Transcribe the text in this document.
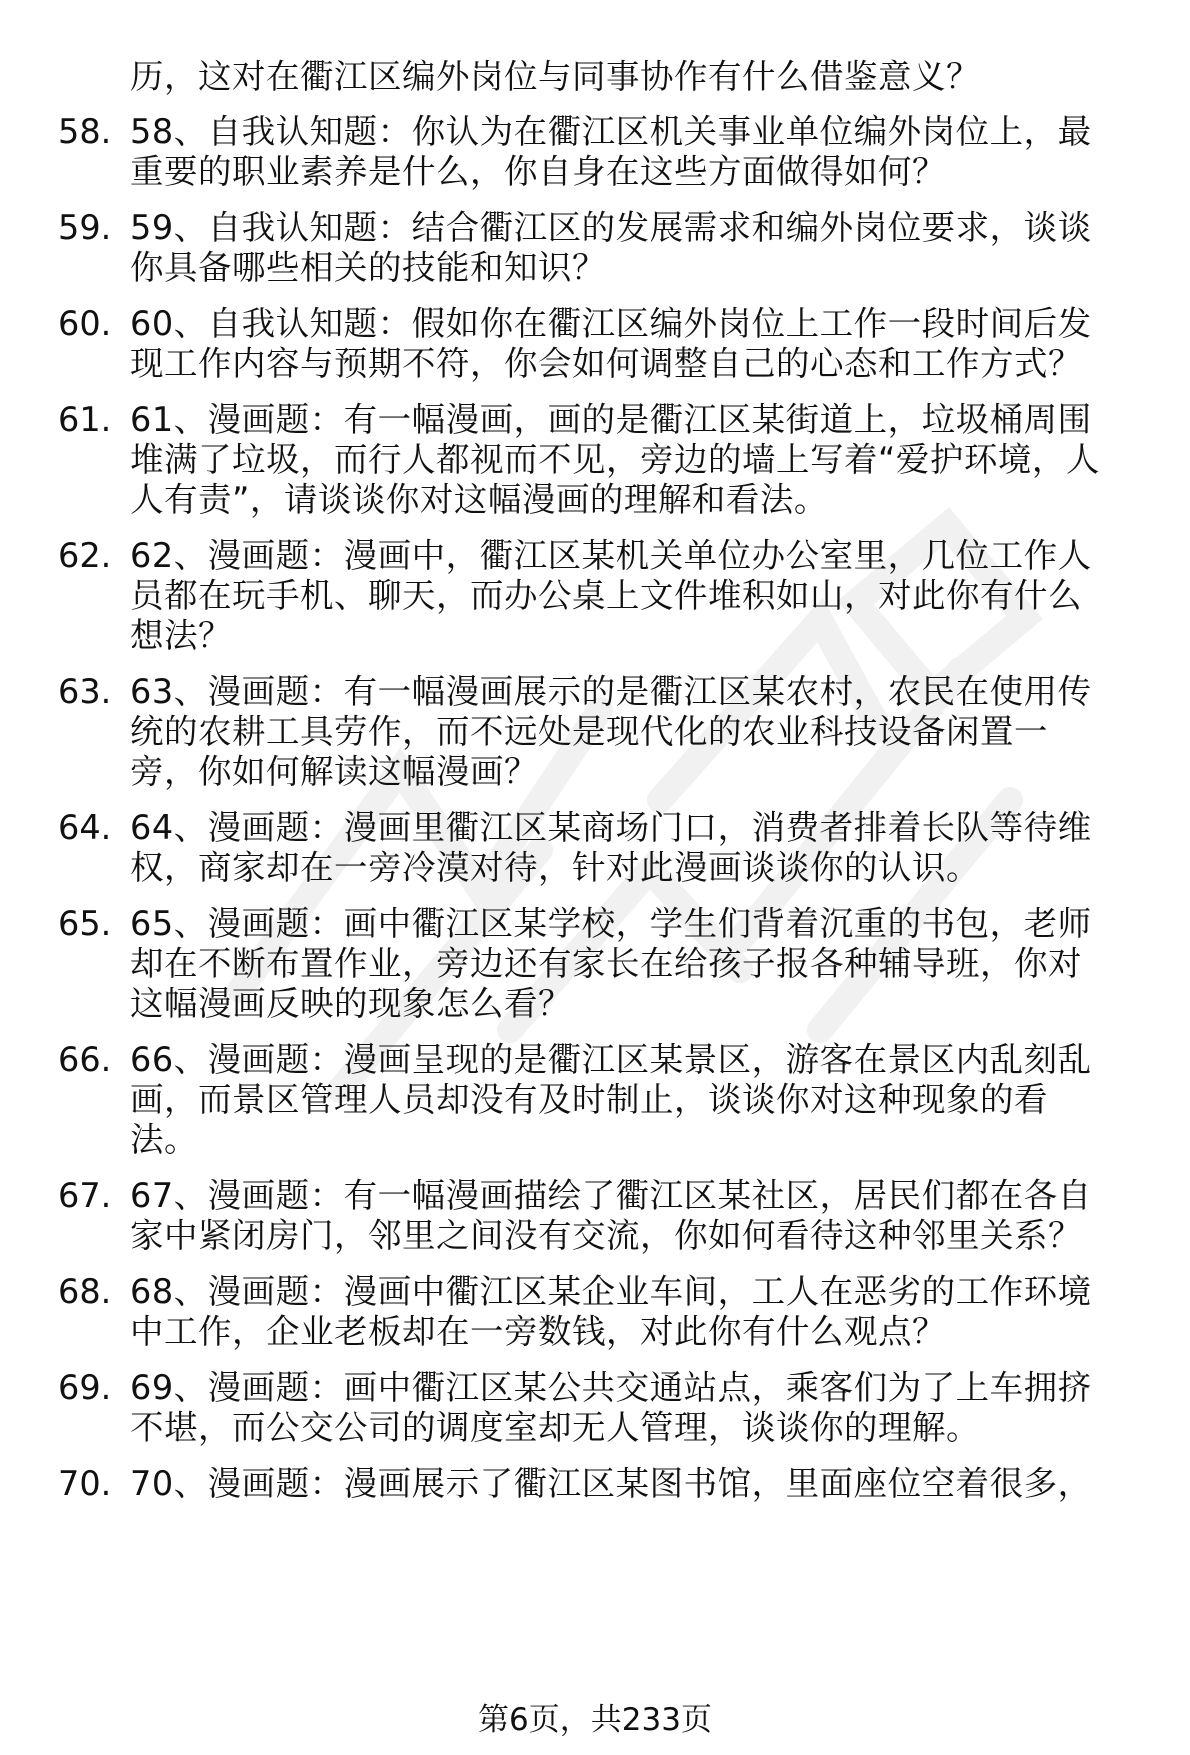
历，这对在衢江区编外岗位与同事协作有什么借鉴意义？
58. 58、自我认知题：你认为在衢江区机关事业单位编外岗位上，最
重要的职业素养是什么，你自身在这些方面做得如何？
59. 59、自我认知题：结合衢江区的发展需求和编外岗位要求，谈谈
你具备哪些相关的技能和知识？
60. 60、自我认知题：假如你在衢江区编外岗位上工作一段时间后发
现工作内容与预期不符，你会如何调整自己的心态和工作方式？
61. 61、漫画题：有一幅漫画，画的是衢江区某街道上，垃圾桶周围
堆满了垃圾，而行人都视而不见，旁边的墙上写着“爱护环境，人
人有责”，请谈谈你对这幅漫画的理解和看法。
62. 62、漫画题：漫画中，衢江区某机关单位办公室里，几位工作人
员都在玩手机、聊天，而办公桌上文件堆积如山，对此你有什么
想法？
63. 63、漫画题：有一幅漫画展示的是衢江区某农村，农民在使用传
统的农耕工具劳作，而不远处是现代化的农业科技设备闲置一
旁，你如何解读这幅漫画？
64. 64、漫画题：漫画里衢江区某商场门口，消费者排着长队等待维
权，商家却在一旁冷漠对待，针对此漫画谈谈你的认识。
65. 65、漫画题：画中衢江区某学校，学生们背着沉重的书包，老师
却在不断布置作业，旁边还有家长在给孩子报各种辅导班，你对
这幅漫画反映的现象怎么看？
66. 66、漫画题：漫画呈现的是衢江区某景区，游客在景区内乱刻乱
画，而景区管理人员却没有及时制止，谈谈你对这种现象的看
法。
67. 67、漫画题：有一幅漫画描绘了衢江区某社区，居民们都在各自
家中紧闭房门，邻里之间没有交流，你如何看待这种邻里关系？
68. 68、漫画题：漫画中衢江区某企业车间，工人在恶劣的工作环境
中工作，企业老板却在一旁数钱，对此你有什么观点？
69. 69、漫画题：画中衢江区某公共交通站点，乘客们为了上车拥挤
不堪，而公交公司的调度室却无人管理，谈谈你的理解。
70. 70、漫画题：漫画展示了衢江区某图书馆，里面座位空着很多，
第6页，共233页
